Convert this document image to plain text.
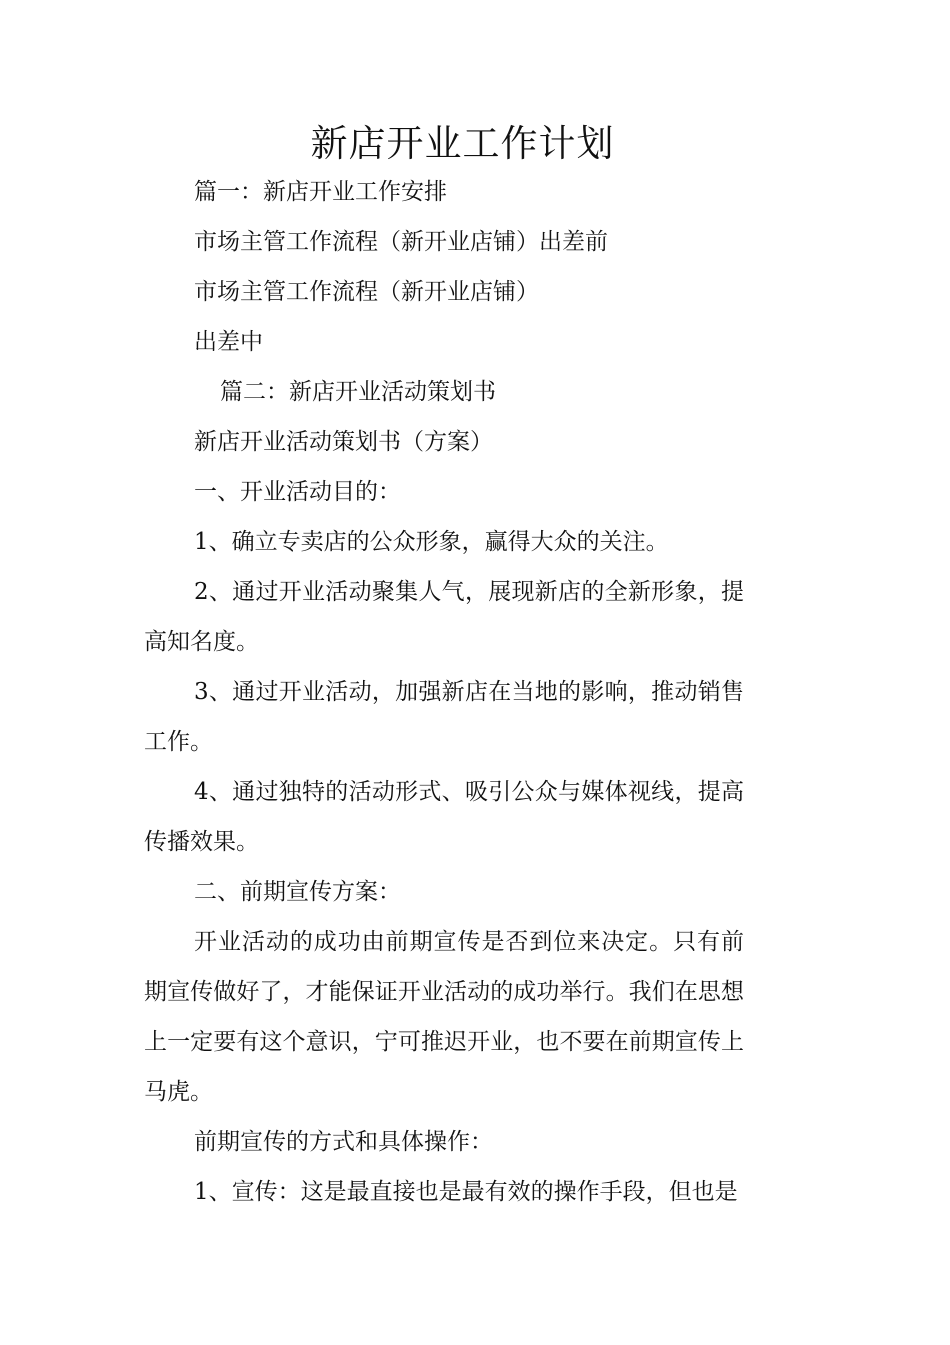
新店开业工作计划
篇一：新店开业工作安排
市场主管工作流程（新开业店铺）出差前
市场主管工作流程（新开业店铺）
出差中
篇二：新店开业活动策划书
新店开业活动策划书（方案）
一、开业活动目的：
1、确立专卖店的公众形象，赢得大众的关注。
2、通过开业活动聚集人气，展现新店的全新形象，提高知名度。
3、通过开业活动，加强新店在当地的影响，推动销售工作。
4、通过独特的活动形式、吸引公众与媒体视线，提高传播效果。
二、前期宣传方案：
开业活动的成功由前期宣传是否到位来决定。只有前期宣传做好了，才能保证开业活动的成功举行。我们在思想上一定要有这个意识，宁可推迟开业，也不要在前期宣传上马虎。
前期宣传的方式和具体操作：
1、宣传：这是最直接也是最有效的操作手段，但也是
